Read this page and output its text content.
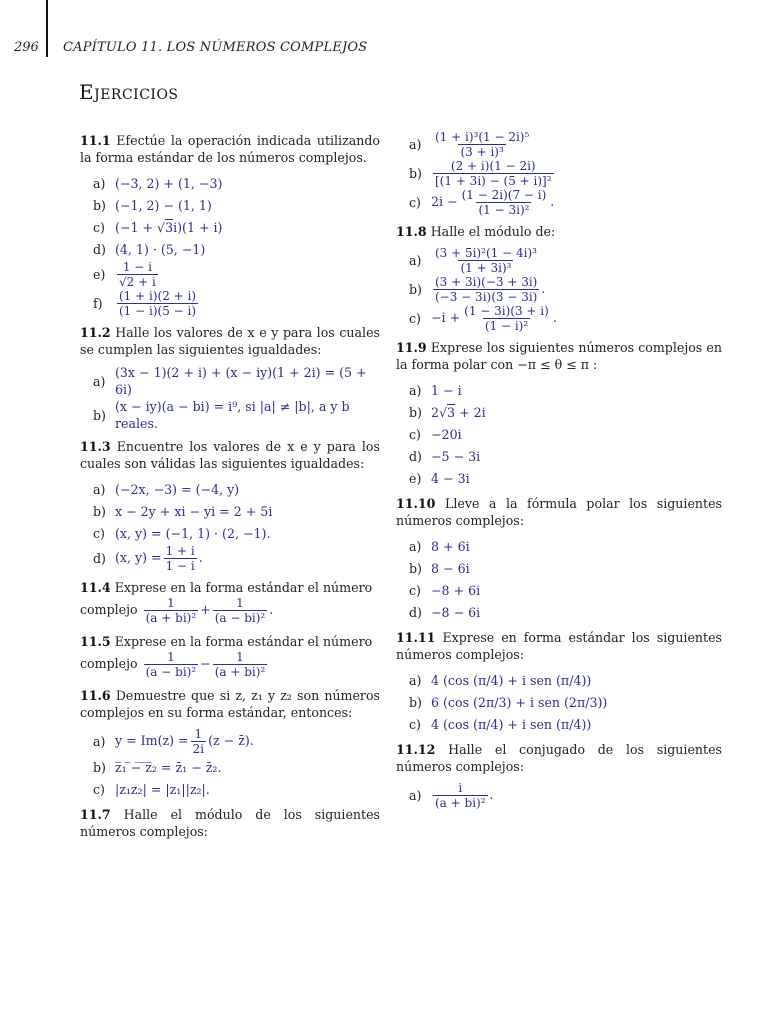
296 CAPÍTULO 11. LOS NÚMEROS COMPLEJOS
Ejercicios

11.1 Efectúe la operación indicada utilizando la forma estándar de los números complejos.

a) (−3, 2) + (1, −3)
b) (−1, 2) − (1, 1)
c) (−1 + √3i)(1 + i)
d) (4, 1) · (5, −1)
e)	1 − i
√2 + i
f)	(1 + i)(2 + i)
(1 − i)(5 − i)

11.2 Halle los valores de x e y para los cuales se cumplen las siguientes igualdades:

a)
(3x − 1)(2 + i) + (x − iy)(1 + 2i) = (5 + 6i)
b)
(x − iy)(a − bi) = i⁹, si |a| ≠ |b|, a y b reales.

11.3 Encuentre los valores de x e y para los cuales son válidas las siguientes igualdades:

a) (−2x, −3) = (−4, y)
b) x − 2y + xi − yi = 2 + 5i
c) (x, y) = (−1, 1) · (2, −1).
d) (x, $y) = \frac{1 + i}{1 - i}$ .

11.4 Exprese en la forma estándar el número
complejo $\frac{1}{\text{(a + bi)²}} + \frac{1}{\text{(a − bi)²}}$ .

11.5 Exprese en la forma estándar el número
complejo $\frac{1}{\text{(a − bi)²}} - \frac{1}{\text{(a + bi)²}}$

11.6 Demuestre que si z, z₁ y z₂ son números complejos en su forma estándar, entonces:

a) $y = Im(z) = \frac{1}{2i} (z$ − z̄).
b) z̅₁ ̅−̅ ̅z̅₂ = z̄₁ − z̄₂.
c) |z₁z₂| = |z₁||z₂|.

11.7 Halle el módulo de los siguientes números complejos:

a)	(1 + i)³(1 − 2i)⁵
(3 + i)³
b)	(2 + i)(1 − 2i)
[(1 + 3i) − (5 + i)]²
c) $2i - \frac{(1 - 2i)(7 - i)}{\text{(1 − 3i)²}}$ .

11.8 Halle el módulo de:

a)	(3 + 5i)²(1 − 4i)³
(1 + 3i)³
$b) \frac{(3 + 3i)(-3 + 3i)}{(-3 - 3i)(3 - 3i)}$ .
$c) -i + \frac{(1 - 3i)(3 + i)}{\text{(1 − i)²}}$ .

11.9 Exprese los siguientes números complejos en la forma polar con −π ≤ θ ≤ π :

a) 1 − i
b) 2√3 + 2i
c) −20i
d) −5 − 3i
e) 4 − 3i

11.10 Lleve a la fórmula polar los siguientes números complejos:

a) 8 + 6i
b) 8 − 6i
c) −8 + 6i
d) −8 − 6i

11.11 Exprese en forma estándar los siguientes números complejos:

a) 4 (cos (π/4) + i sen (π/4))
b) 6 (cos (2π/3) + i sen (2π/3))
c) 4 (cos (π/4) + i sen (π/4))

11.12 Halle el conjugado de los siguientes números complejos:

$a) \frac{i}{\text{(a + bi)²}}$ .
